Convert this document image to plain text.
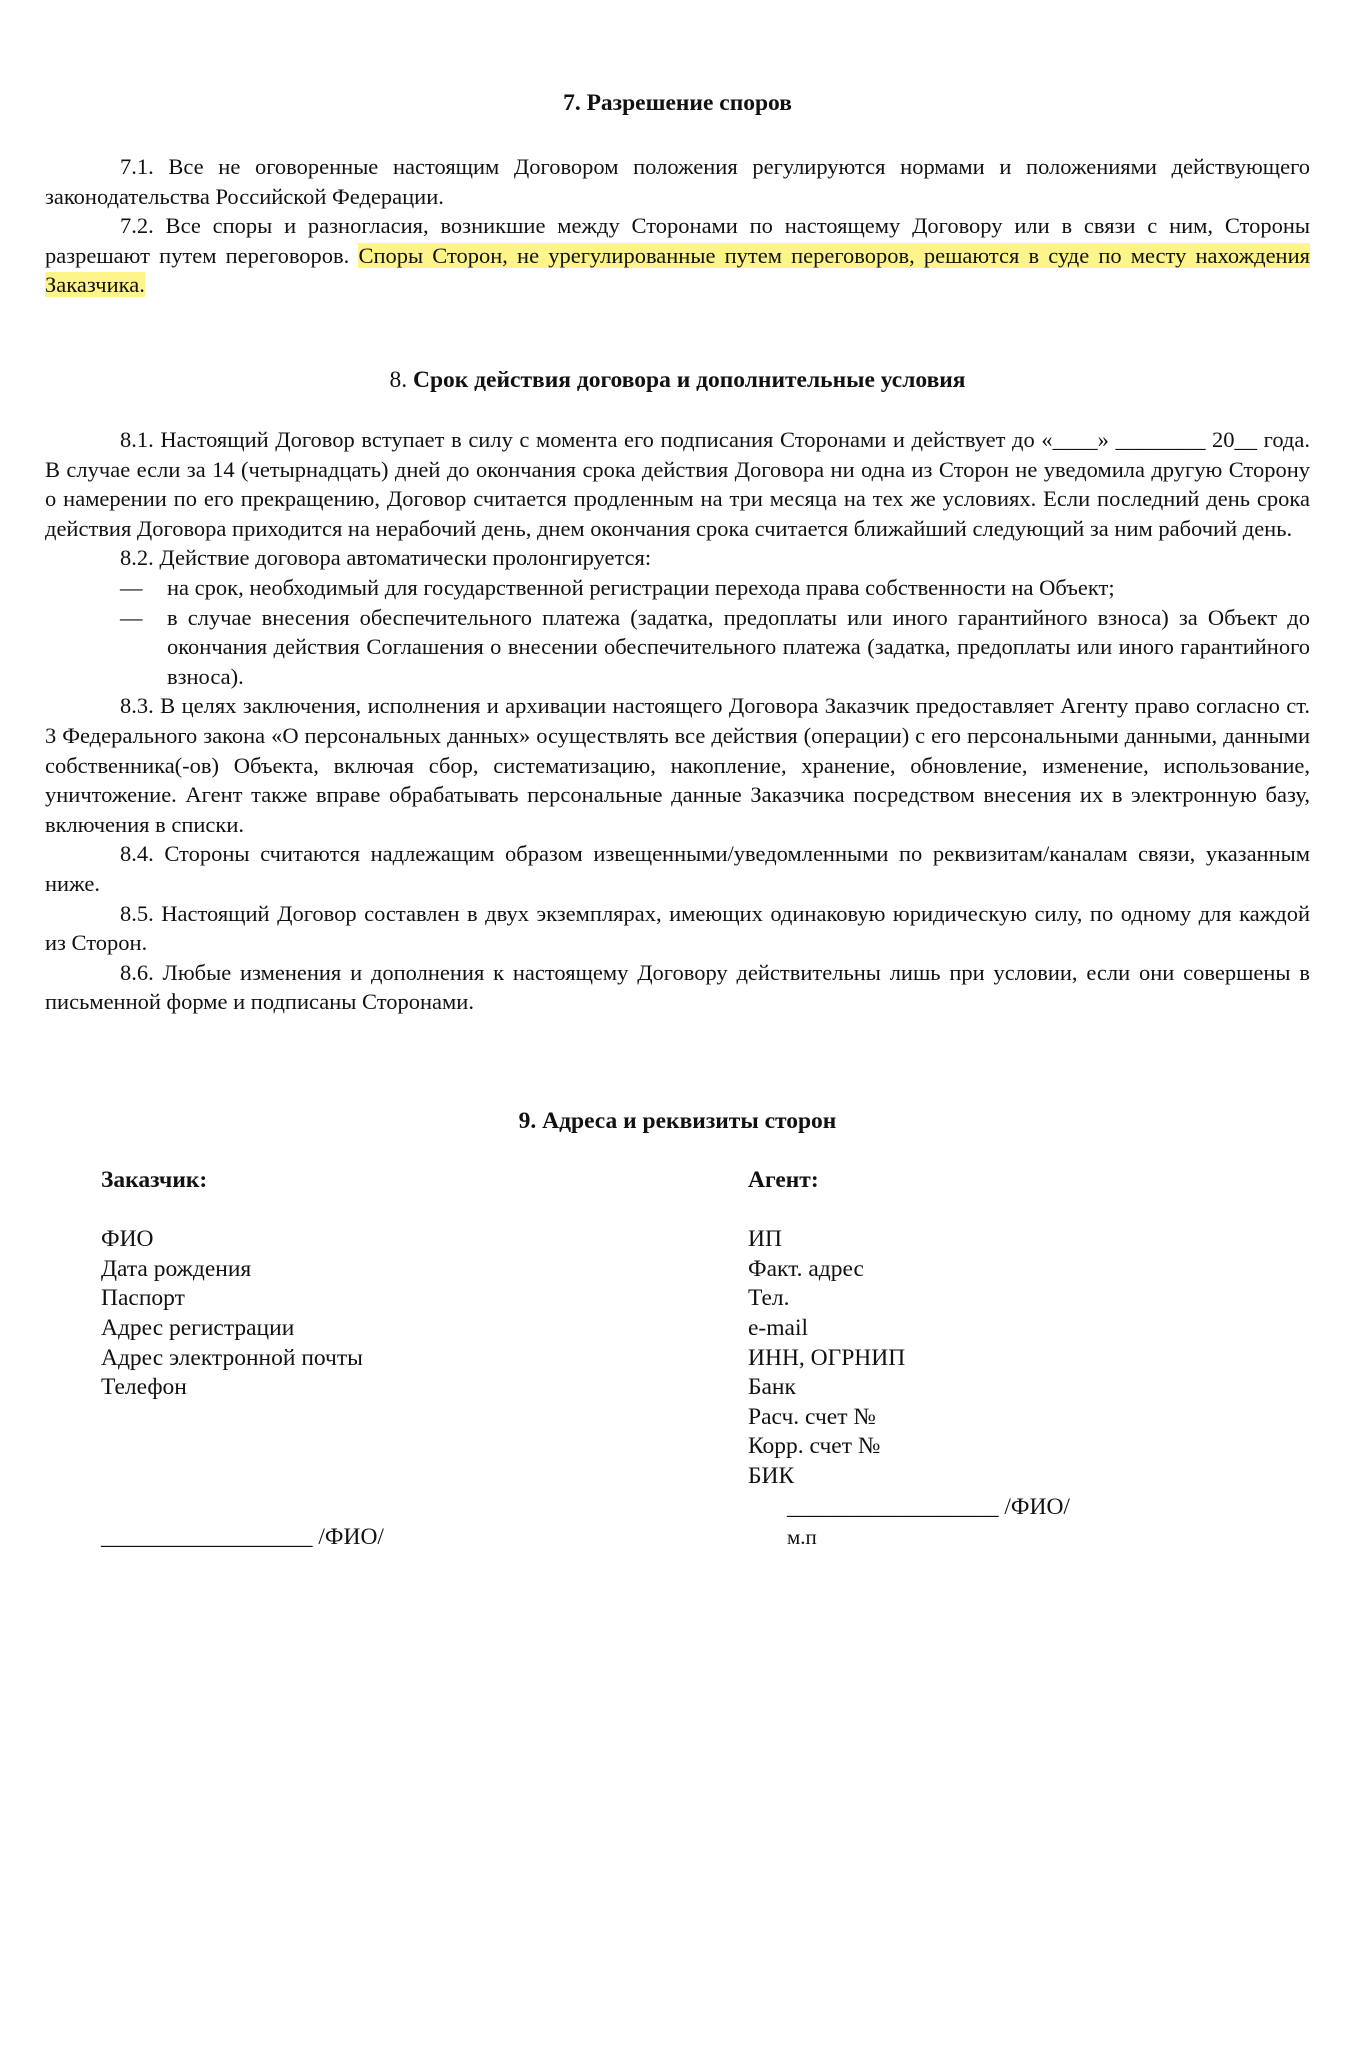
7. Разрешение споров

7.1. Все не оговоренные настоящим Договором положения регулируются нормами и положениями действующего законодательства Российской Федерации.

7.2. Все споры и разногласия, возникшие между Сторонами по настоящему Договору или в связи с ним, Стороны разрешают путем переговоров. Споры Сторон, не урегулированные путем переговоров, решаются в суде по месту нахождения Заказчика.

8. Срок действия договора и дополнительные условия

8.1. Настоящий Договор вступает в силу с момента его подписания Сторонами и действует до «____» ________ 20__ года. В случае если за 14 (четырнадцать) дней до окончания срока действия Договора ни одна из Сторон не уведомила другую Сторону о намерении по его прекращению, Договор считается продленным на три месяца на тех же условиях. Если последний день срока действия Договора приходится на нерабочий день, днем окончания срока считается ближайший следующий за ним рабочий день.

8.2. Действие договора автоматически пролонгируется:

—	на срок, необходимый для государственной регистрации перехода права собственности на Объект;
—	в случае внесения обеспечительного платежа (задатка, предоплаты или иного гарантийного взноса) за Объект до окончания действия Соглашения о внесении обеспечительного платежа (задатка, предоплаты или иного гарантийного взноса).

8.3. В целях заключения, исполнения и архивации настоящего Договора Заказчик предоставляет Агенту право согласно ст. 3 Федерального закона «О персональных данных» осуществлять все действия (операции) с его персональными данными, данными собственника(-ов) Объекта, включая сбор, систематизацию, накопление, хранение, обновление, изменение, использование, уничтожение. Агент также вправе обрабатывать персональные данные Заказчика посредством внесения их в электронную базу, включения в списки.

8.4. Стороны считаются надлежащим образом извещенными/уведомленными по реквизитам/каналам связи, указанным ниже.

8.5. Настоящий Договор составлен в двух экземплярах, имеющих одинаковую юридическую силу, по одному для каждой из Сторон.

8.6. Любые изменения и дополнения к настоящему Договору действительны лишь при условии, если они совершены в письменной форме и подписаны Сторонами.

9. Адреса и реквизиты сторон
Заказчик:
ФИО
Дата рождения
Паспорт
Адрес регистрации
Адрес электронной почты
Телефон
__________________ /ФИО/
Агент:
ИП
Факт. адрес
Тел.
e-mail
ИНН, ОГРНИП
Банк
Расч. счет №
Корр. счет №
БИК
__________________ /ФИО/
м.п
